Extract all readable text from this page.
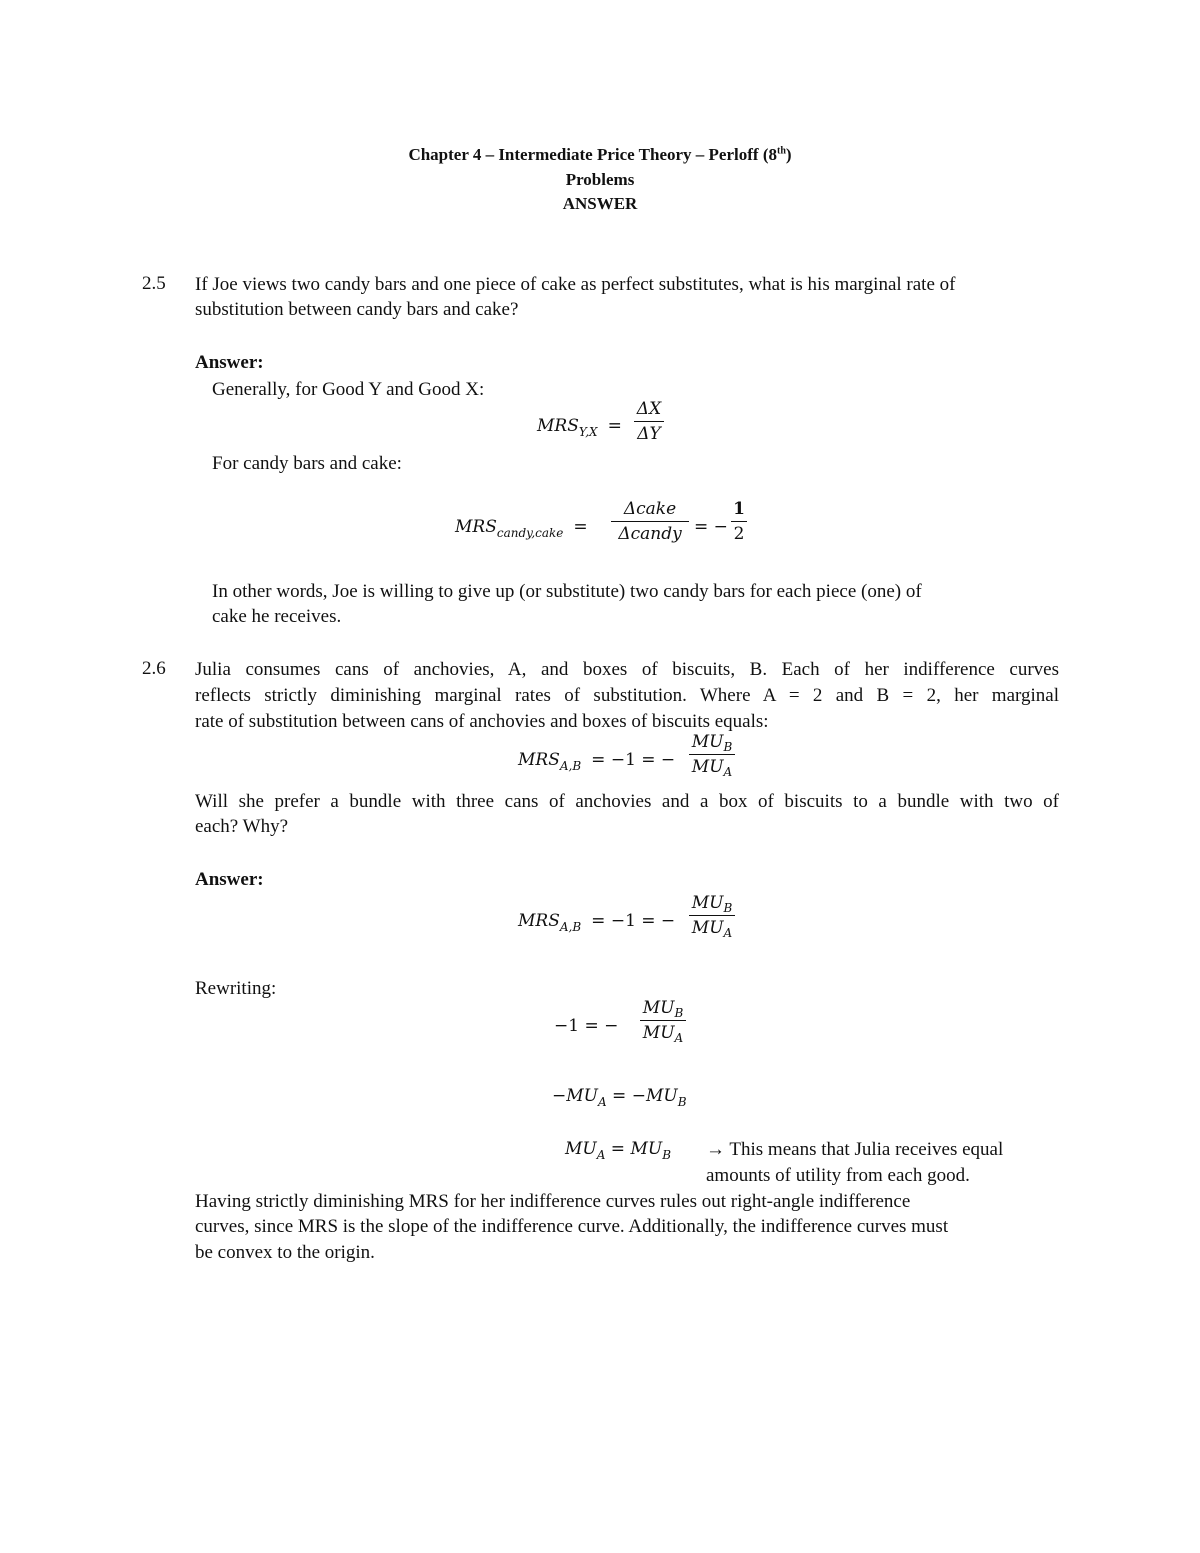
Chapter 4 – Intermediate Price Theory – Perloff (8th)
Problems
ANSWER
2.5 If Joe views two candy bars and one piece of cake as perfect substitutes, what is his marginal rate of
substitution between candy bars and cake?
Answer:
Generally, for Good Y and Good X:
$MRS_{Y,X}$ =
ΔX
ΔY
For candy bars and cake:
$MRS_{candy,cake}$ =
Δcake
Δcandy = −
1
2
In other words, Joe is willing to give up (or substitute) two candy bars for each piece (one) of
cake he receives.
2.6 Julia consumes cans of anchovies, A, and boxes of biscuits, B. Each of her indifference curves
reflects strictly diminishing marginal rates of substitution. Where A = 2 and B = 2, her marginal
rate of substitution between cans of anchovies and boxes of biscuits equals:
$MRS_{A,B} = -1$ = −
$MU_B$
$MU_A$
Will she prefer a bundle with three cans of anchovies and a box of biscuits to a bundle with two of
each? Why?
Answer:
$MRS_{A,B} = -1$ = −
$MU_B$
$MU_A$
Rewriting:
−1 = −
$MU_B$
$MU_A$
$-MU_A = -MU_B$
$MU_A = MU_B$ → This means that Julia receives equal
amounts of utility from each good.
Having strictly diminishing MRS for her indifference curves rules out right-angle indifference
curves, since MRS is the slope of the indifference curve. Additionally, the indifference curves must
be convex to the origin.
